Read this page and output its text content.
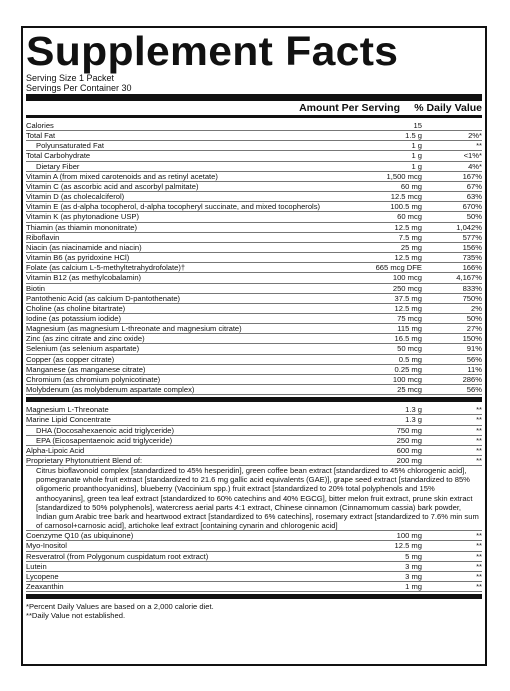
Supplement Facts
Serving Size 1 Packet
Servings Per Container 30
Amount Per Serving	% Daily Value
Calories	15
Total Fat	1.5 g	2%*
Polyunsaturated Fat	1 g	**
Total Carbohydrate	1 g	<1%*
Dietary Fiber	1 g	4%*
Vitamin A (from mixed carotenoids and as retinyl acetate)	1,500 mcg	167%
Vitamin C (as ascorbic acid and ascorbyl palmitate)	60 mg	67%
Vitamin D (as cholecalciferol)	12.5 mcg	63%
Vitamin E (as d-alpha tocopherol, d-alpha tocopheryl succinate, and mixed tocopherols)	100.5 mg	670%
Vitamin K (as phytonadione USP)	60 mcg	50%
Thiamin (as thiamin mononitrate)	12.5 mg	1,042%
Riboflavin	7.5 mg	577%
Niacin (as niacinamide and niacin)	25 mg	156%
Vitamin B6 (as pyridoxine HCl)	12.5 mg	735%
Folate (as calcium L-5-methyltetrahydrofolate)†	665 mcg DFE	166%
Vitamin B12 (as methylcobalamin)	100 mcg	4,167%
Biotin	250 mcg	833%
Pantothenic Acid (as calcium D-pantothenate)	37.5 mg	750%
Choline (as choline bitartrate)	12.5 mg	2%
Iodine (as potassium iodide)	75 mcg	50%
Magnesium (as magnesium L-threonate and magnesium citrate)	115 mg	27%
Zinc (as zinc citrate and zinc oxide)	16.5 mg	150%
Selenium (as selenium aspartate)	50 mcg	91%
Copper (as copper citrate)	0.5 mg	56%
Manganese (as manganese citrate)	0.25 mg	11%
Chromium (as chromium polynicotinate)	100 mcg	286%
Molybdenum (as molybdenum aspartate complex)	25 mcg	56%
Magnesium L-Threonate	1.3 g	**
Marine Lipid Concentrate	1.3 g	**
DHA (Docosahexaenoic acid triglyceride)	750 mg	**
EPA (Eicosapentaenoic acid triglyceride)	250 mg	**
Alpha-Lipoic Acid	600 mg	**
Proprietary Phytonutrient Blend of:	200 mg	**
Citrus bioflavonoid complex [standardized to 45% hesperidin], green coffee bean extract [standardized to 45% chlorogenic acid], pomegranate whole fruit extract [standardized to 21.6 mg gallic acid equivalents (GAE)], grape seed extract [standardized to 85% oligomeric proanthocyanidins], blueberry (Vaccinium spp.) fruit extract [standardized to 20% total polyphenols and 15% anthocyanins], green tea leaf extract [standardized to 60% catechins and 40% EGCG], bitter melon fruit extract, prune skin extract [standardized to 50% polyphenols], watercress aerial parts 4:1 extract, Chinese cinnamon (Cinnamomum cassia) bark powder, Indian gum Arabic tree bark and heartwood extract [standardized to 6% catechins], rosemary extract [standardized to 7.6% min sum of carnosol+carnosic acid], artichoke leaf extract [containing cynarin and chlorogenic acid]
Coenzyme Q10 (as ubiquinone)	100 mg	**
Myo-Inositol	12.5 mg	**
Resveratrol (from Polygonum cuspidatum root extract)	5 mg	**
Lutein	3 mg	**
Lycopene	3 mg	**
Zeaxanthin	1 mg	**
*Percent Daily Values are based on a 2,000 calorie diet.
**Daily Value not established.
